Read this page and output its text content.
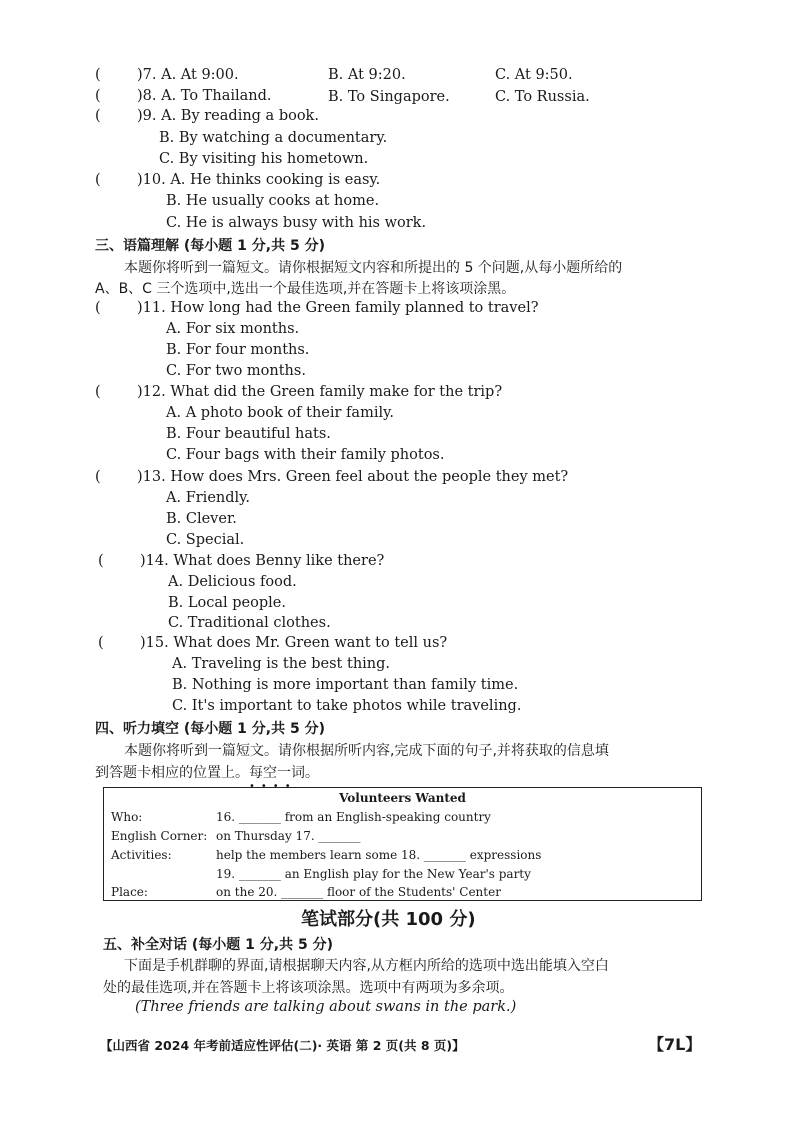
(	)7. A. At 9:00.	B. At 9:20.	C. At 9:50.
(	)8. A. To Thailand.	B. To Singapore.	C. To Russia.
(	)9. A. By reading a book.
B. By watching a documentary.
C. By visiting his hometown.
(	)10. A. He thinks cooking is easy.
B. He usually cooks at home.
C. He is always busy with his work.
三、语篇理解 (每小题 1 分,共 5 分)
本题你将听到一篇短文。请你根据短文内容和所提出的 5 个问题,从每小题所给的
A、B、C 三个选项中,选出一个最佳选项,并在答题卡上将该项涂黑。
(	)11. How long had the Green family planned to travel?
A. For six months.
B. For four months.
C. For two months.
(	)12. What did the Green family make for the trip?
A. A photo book of their family.
B. Four beautiful hats.
C. Four bags with their family photos.
(	)13. How does Mrs. Green feel about the people they met?
A. Friendly.
B. Clever.
C. Special.
(	)14. What does Benny like there?
A. Delicious food.
B. Local people.
C. Traditional clothes.
(	)15. What does Mr. Green want to tell us?
A. Traveling is the best thing.
B. Nothing is more important than family time.
C. It's important to take photos while traveling.
四、听力填空 (每小题 1 分,共 5 分)
本题你将听到一篇短文。请你根据所听内容,完成下面的句子,并将获取的信息填
到答题卡相应的位置上。每空一词
••••
。
Volunteers Wanted
Who:	16. _______ from an English-speaking country
English Corner: on Thursday 17. _______
Activities:	help the members learn some 18. _______ expressions
19. _______ an English play for the New Year's party
Place:	on the 20. _______ floor of the Students' Center
笔试部分(共 100 分)
五、补全对话 (每小题 1 分,共 5 分)
下面是手机群聊的界面,请根据聊天内容,从方框内所给的选项中选出能填入空白
处的最佳选项,并在答题卡上将该项涂黑。选项中有两项为多余项。
(Three friends are talking about swans in the park.)
【山西省 2024 年考前适应性评估(二)· 英语 第 2 页(共 8 页)】	【7L】
